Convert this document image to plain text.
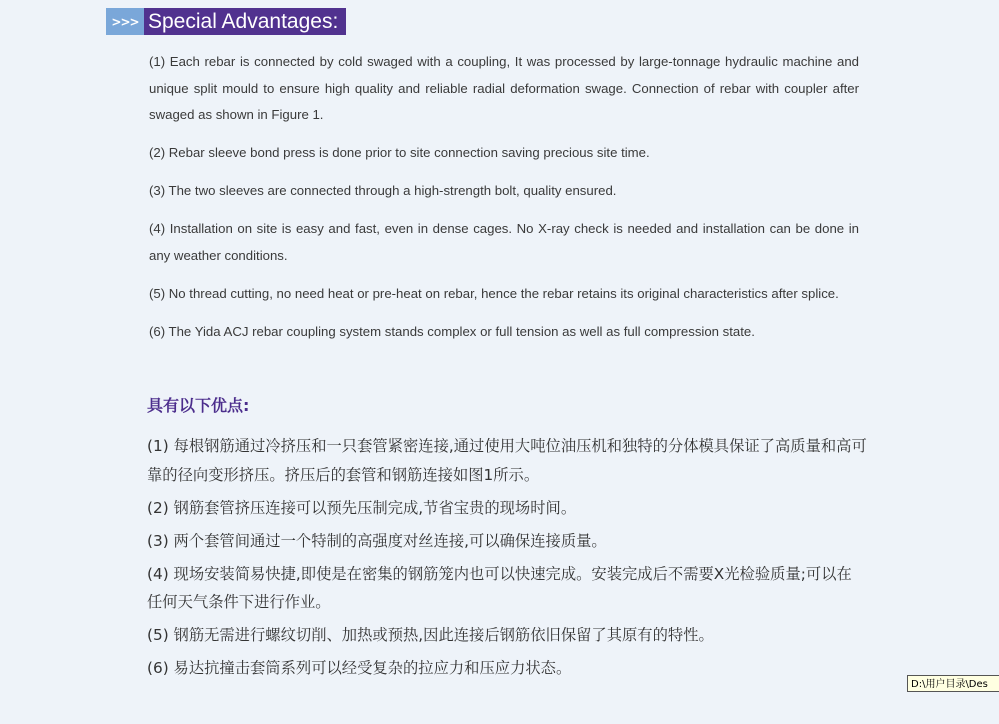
>>> Special Advantages:

(1) Each rebar is connected by cold swaged with a coupling, It was processed by large-tonnage hydraulic machine and unique split mould to ensure high quality and reliable radial deformation swage. Connection of rebar with coupler after swaged as shown in Figure 1.

(2) Rebar sleeve bond press is done prior to site connection saving precious site time.

(3) The two sleeves are connected through a high-strength bolt, quality ensured.

(4) Installation on site is easy and fast, even in dense cages. No X-ray check is needed and installation can be done in any weather conditions.

(5) No thread cutting, no need heat or pre-heat on rebar, hence the rebar retains its original characteristics after splice.

(6) The Yida ACJ rebar coupling system stands complex or full tension as well as full compression state.

具有以下优点:

(1) 每根钢筋通过冷挤压和一只套管紧密连接,通过使用大吨位油压机和独特的分体模具保证了高质量和高可靠的径向变形挤压。挤压后的套管和钢筋连接如图1所示。

(2) 钢筋套管挤压连接可以预先压制完成,节省宝贵的现场时间。

(3) 两个套管间通过一个特制的高强度对丝连接,可以确保连接质量。

(4) 现场安装简易快捷,即使是在密集的钢筋笼内也可以快速完成。安装完成后不需要X光检验质量;可以在任何天气条件下进行作业。

(5) 钢筋无需进行螺纹切削、加热或预热,因此连接后钢筋依旧保留了其原有的特性。

(6) 易达抗撞击套筒系列可以经受复杂的拉应力和压应力状态。

D:\用户目录\Des
